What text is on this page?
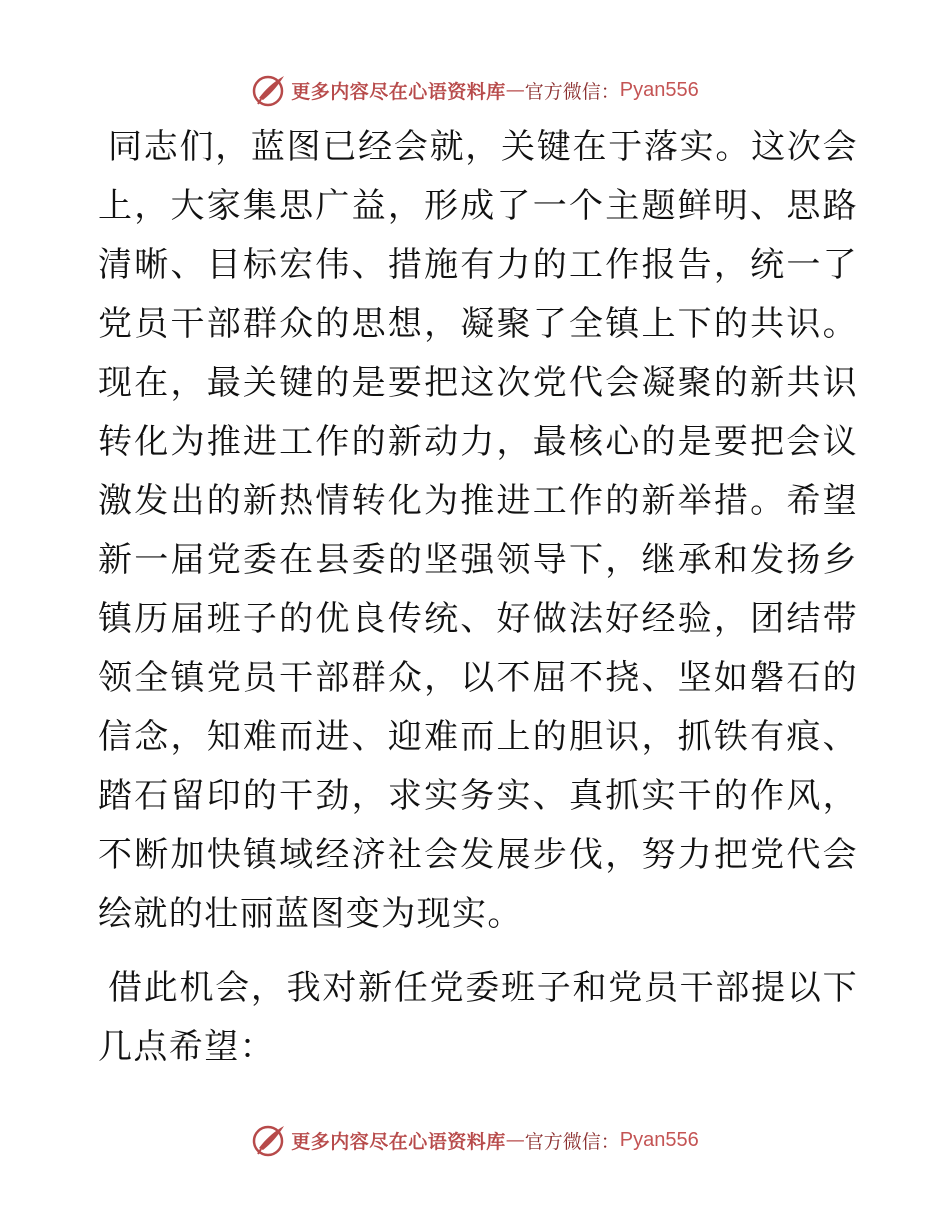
更多内容尽在心语资料库 — 官方微信： Pyan556

同志们，蓝图已经会就，关键在于落实。这次会上，大家集思广益，形成了一个主题鲜明、思路清晰、目标宏伟、措施有力的工作报告，统一了党员干部群众的思想，凝聚了全镇上下的共识。现在，最关键的是要把这次党代会凝聚的新共识转化为推进工作的新动力，最核心的是要把会议激发出的新热情转化为推进工作的新举措。希望新一届党委在县委的坚强领导下，继承和发扬乡镇历届班子的优良传统、好做法好经验，团结带领全镇党员干部群众，以不屈不挠、坚如磐石的信念，知难而进、迎难而上的胆识，抓铁有痕、踏石留印的干劲，求实务实、真抓实干的作风，不断加快镇域经济社会发展步伐，努力把党代会绘就的壮丽蓝图变为现实。

借此机会，我对新任党委班子和党员干部提以下几点希望：

更多内容尽在心语资料库 — 官方微信： Pyan556
